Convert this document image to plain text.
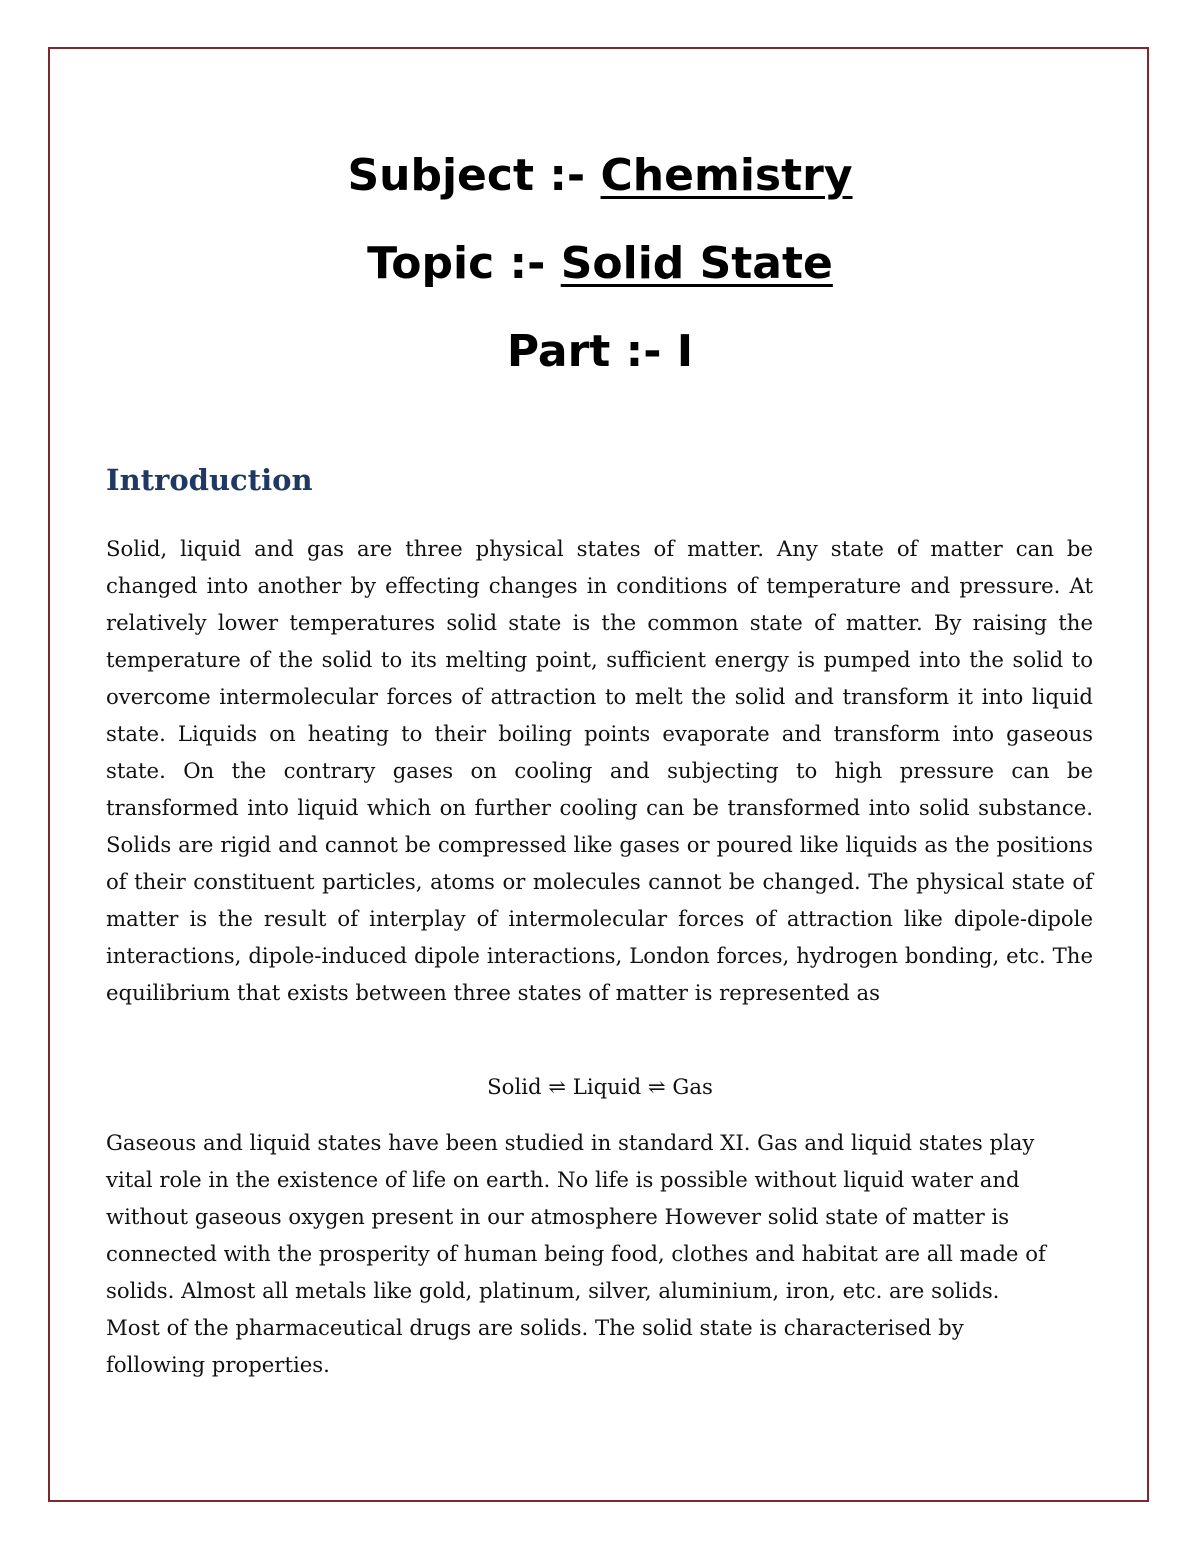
Subject :- Chemistry
Topic :- Solid State
Part :- I
Introduction
Solid, liquid and gas are three physical states of matter. Any state of matter can be changed into another by effecting changes in conditions of temperature and pressure. At relatively lower temperatures solid state is the common state of matter. By raising the temperature of the solid to its melting point, sufficient energy is pumped into the solid to overcome intermolecular forces of attraction to melt the solid and transform it into liquid state. Liquids on heating to their boiling points evaporate and transform into gaseous state. On the contrary gases on cooling and subjecting to high pressure can be transformed into liquid which on further cooling can be transformed into solid substance. Solids are rigid and cannot be compressed like gases or poured like liquids as the positions of their constituent particles, atoms or molecules cannot be changed. The physical state of matter is the result of interplay of intermolecular forces of attraction like dipole-dipole interactions, dipole-induced dipole interactions, London forces, hydrogen bonding, etc. The equilibrium that exists between three states of matter is represented as
Solid ⇌ Liquid ⇌ Gas
Gaseous and liquid states have been studied in standard XI. Gas and liquid states play vital role in the existence of life on earth. No life is possible without liquid water and without gaseous oxygen present in our atmosphere However solid state of matter is connected with the prosperity of human being food, clothes and habitat are all made of solids. Almost all metals like gold, platinum, silver, aluminium, iron, etc. are solids. Most of the pharmaceutical drugs are solids. The solid state is characterised by following properties.
